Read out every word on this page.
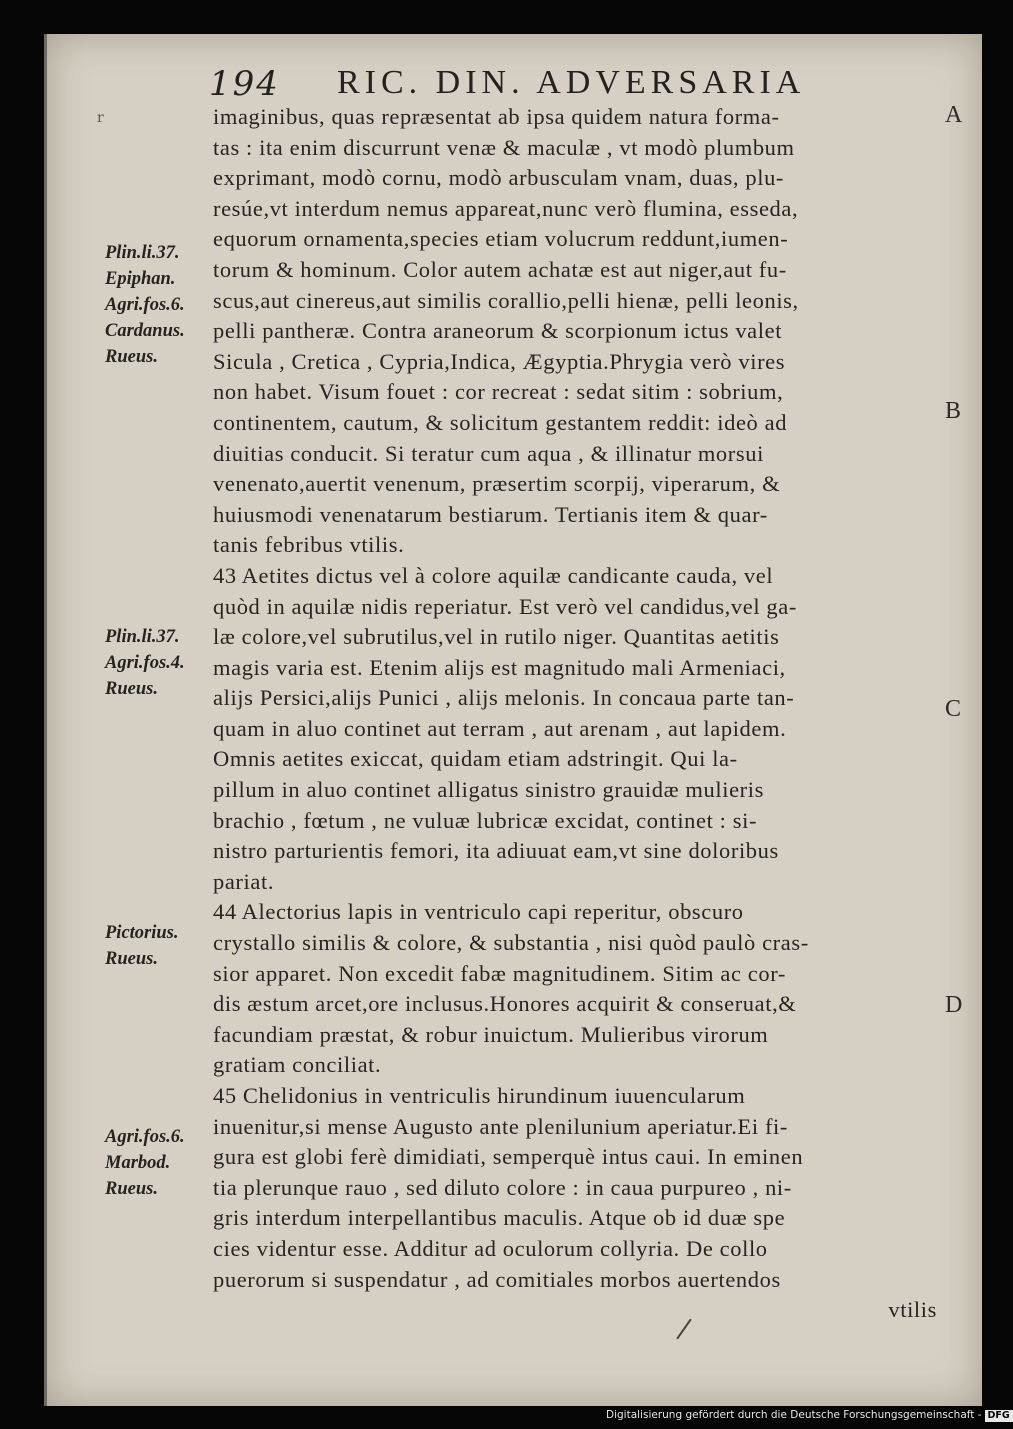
r
194 RIC. DIN. ADVERSARIA
imaginibus, quas repræsentat ab ipsa quidem natura forma-
tas : ita enim discurrunt venæ & maculæ , vt modò plumbum
exprimant, modò cornu, modò arbusculam vnam, duas, plu-
resúe,vt interdum nemus appareat,nunc verò flumina, esseda,
equorum ornamenta,species etiam volucrum reddunt,iumen-
torum & hominum. Color autem achatæ est aut niger,aut fu-
scus,aut cinereus,aut similis corallio,pelli hienæ, pelli leonis,
pelli pantheræ. Contra araneorum & scorpionum ictus valet
Sicula , Cretica , Cypria,Indica, Ægyptia.Phrygia verò vires
non habet. Visum fouet : cor recreat : sedat sitim : sobrium,
continentem, cautum, & solicitum gestantem reddit: ideò ad
diuitias conducit. Si teratur cum aqua , & illinatur morsui
venenato,auertit venenum, præsertim scorpij, viperarum, &
huiusmodi venenatarum bestiarum. Tertianis item & quar-
tanis febribus vtilis.
43 Aetites dictus vel à colore aquilæ candicante cauda, vel
quòd in aquilæ nidis reperiatur. Est verò vel candidus,vel ga-
læ colore,vel subrutilus,vel in rutilo niger. Quantitas aetitis
magis varia est. Etenim alijs est magnitudo mali Armeniaci,
alijs Persici,alijs Punici , alijs melonis. In concaua parte tan-
quam in aluo continet aut terram , aut arenam , aut lapidem.
Omnis aetites exiccat, quidam etiam adstringit. Qui la-
pillum in aluo continet alligatus sinistro grauidæ mulieris
brachio , fœtum , ne vuluæ lubricæ excidat, continet : si-
nistro parturientis femori, ita adiuuat eam,vt sine doloribus
pariat.
44 Alectorius lapis in ventriculo capi reperitur, obscuro
crystallo similis & colore, & substantia , nisi quòd paulò cras-
sior apparet. Non excedit fabæ magnitudinem. Sitim ac cor-
dis æstum arcet,ore inclusus.Honores acquirit & conseruat,&
facundiam præstat, & robur inuictum. Mulieribus virorum
gratiam conciliat.
45 Chelidonius in ventriculis hirundinum iuuencularum
inuenitur,si mense Augusto ante plenilunium aperiatur.Ei fi-
gura est globi ferè dimidiati, semperquè intus caui. In eminen
tia plerunque rauo , sed diluto colore : in caua purpureo , ni-
gris interdum interpellantibus maculis. Atque ob id duæ spe
cies videntur esse. Additur ad oculorum collyria. De collo
puerorum si suspendatur , ad comitiales morbos auertendos
vtilis
Plin.li.37.
Epiphan.
Agri.fos.6.
Cardanus.
Rueus.
Plin.li.37.
Agri.fos.4.
Rueus.
Pictorius.
Rueus.
Agri.fos.6.
Marbod.
Rueus.
A
B
C
D
Digitalisierung gefördert durch die Deutsche Forschungsgemeinschaft - DFG
